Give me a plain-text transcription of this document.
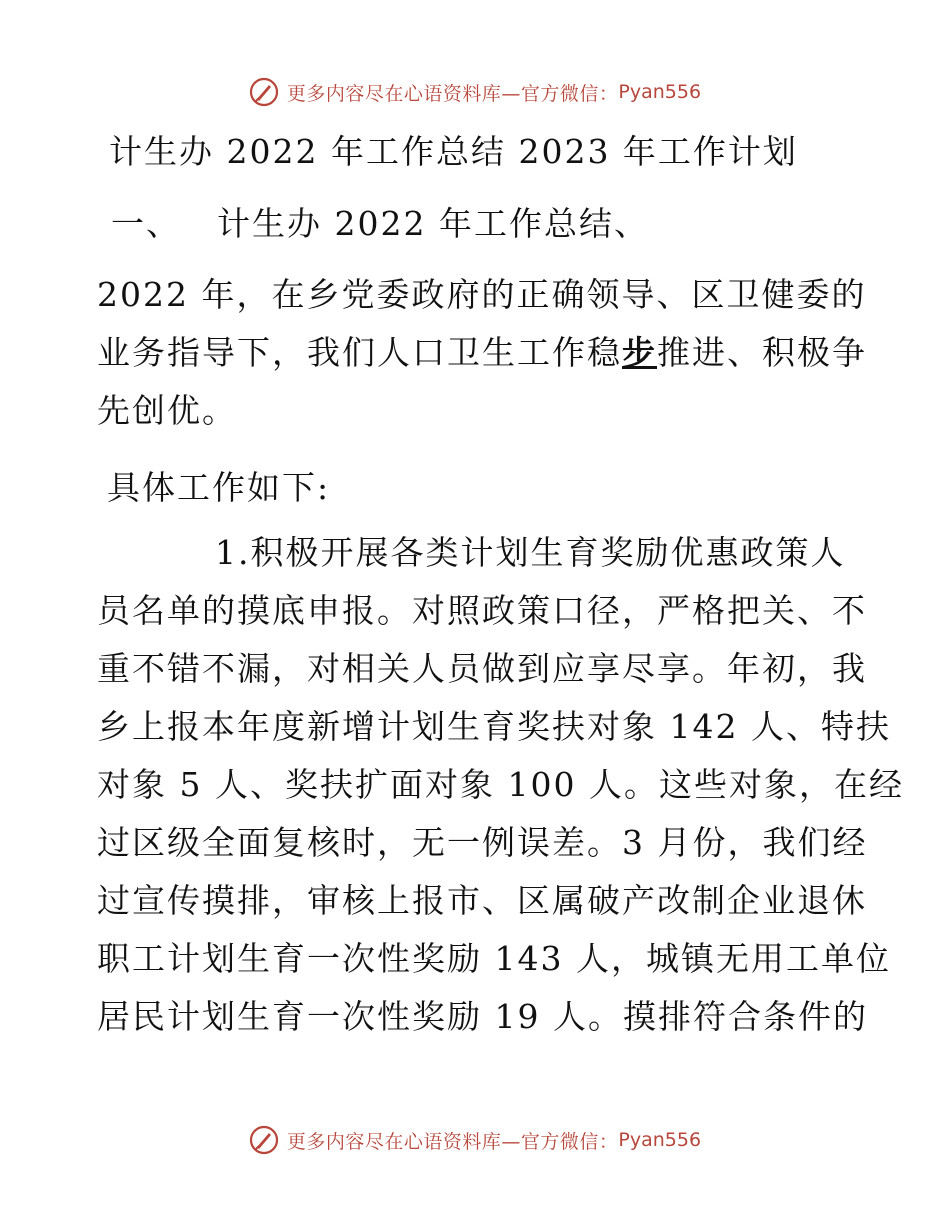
更多内容尽在心语资料库—官方微信： Pyan556
计生办 2022 年工作总结 2023 年工作计划
一、 计生办 2022 年工作总结、
2022 年，在乡党委政府的正确领导、区卫健委的
业务指导下，我们人口卫生工作稳步推进、积极争
先创优。
具体工作如下:
1.积极开展各类计划生育奖励优惠政策人
员名单的摸底申报。对照政策口径，严格把关、不
重不错不漏，对相关人员做到应享尽享。年初，我
乡上报本年度新增计划生育奖扶对象 142 人、特扶
对象 5 人、奖扶扩面对象 100 人。这些对象，在经
过区级全面复核时，无一例误差。3 月份，我们经
过宣传摸排，审核上报市、区属破产改制企业退休
职工计划生育一次性奖励 143 人，城镇无用工单位
居民计划生育一次性奖励 19 人。摸排符合条件的
更多内容尽在心语资料库—官方微信： Pyan556
